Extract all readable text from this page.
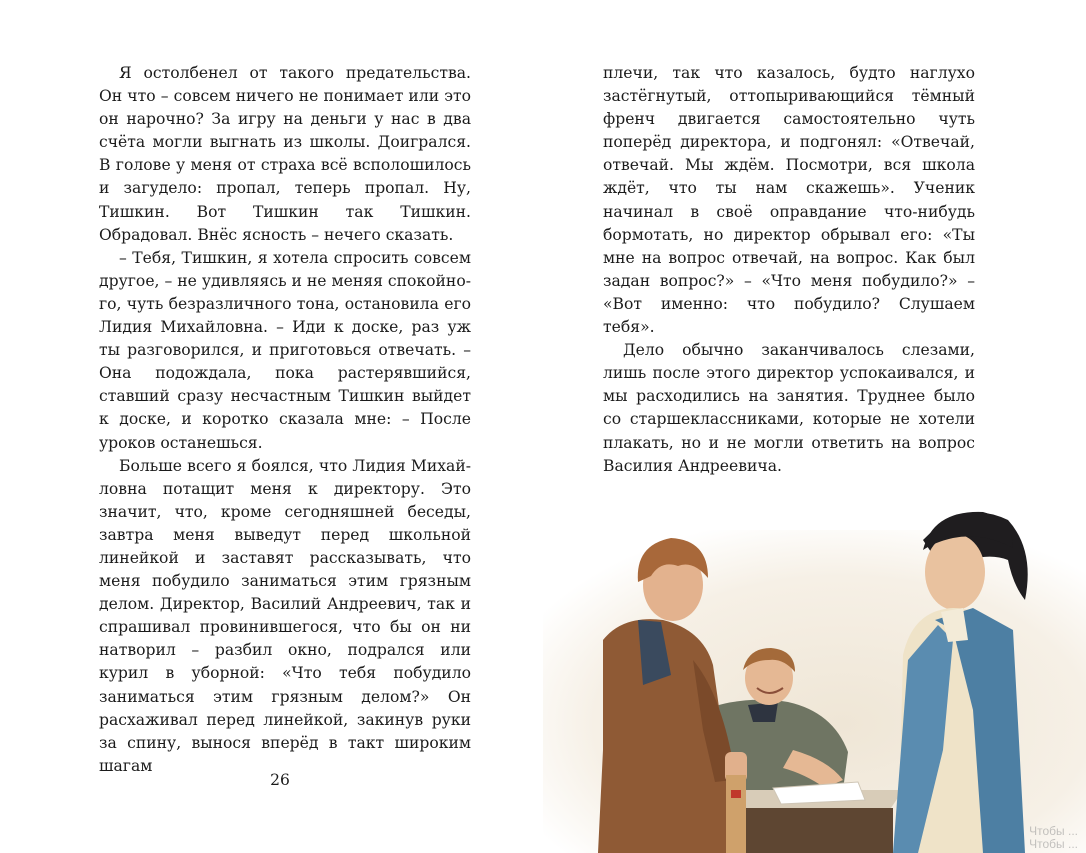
Я остолбенел от такого предательства. Он что – совсем ничего не понимает или это он нарочно? За игру на деньги у нас в два счёта могли выгнать из школы. Доигрался. В голове у меня от страха всё всполошилось и загудело: пропал, теперь пропал. Ну, Тишкин. Вот Тишкин так Тишкин. Обрадовал. Внёс ясность – нечего сказать.

– Тебя, Тишкин, я хотела спросить совсем другое, – не удивляясь и не меняя спокойного, чуть безразличного тона, остановила его Лидия Михайловна. – Иди к доске, раз уж ты разговорился, и приготовься отвечать. – Она подождала, пока растерявшийся, ставший сразу несчастным Тишкин выйдет к доске, и коротко сказала мне: – После уроков останешься.

Больше всего я боялся, что Лидия Михайловна потащит меня к директору. Это значит, что, кроме сегодняшней беседы, завтра меня выведут перед школьной линейкой и заставят рассказывать, что меня побудило заниматься этим грязным делом. Директор, Василий Андреевич, так и спрашивал провинившегося, что бы он ни натворил – разбил окно, подрался или курил в уборной: «Что тебя побудило заниматься этим грязным делом?» Он расхаживал перед линейкой, закинув руки за спину, вынося вперёд в такт широким шагам

26

плечи, так что казалось, будто наглухо застёгнутый, оттопыривающийся тёмный френч двигается самостоятельно чуть поперёд директора, и подгонял: «Отвечай, отвечай. Мы ждём. Посмотри, вся школа ждёт, что ты нам скажешь». Ученик начинал в своё оправдание что-нибудь бормотать, но директор обрывал его: «Ты мне на вопрос отвечай, на вопрос. Как был задан вопрос?» – «Что меня побудило?» – «Вот именно: что побудило? Слушаем тебя».

Дело обычно заканчивалось слезами, лишь после этого директор успокаивался, и мы расходились на занятия. Труднее было со старшеклассниками, которые не хотели плакать, но и не могли ответить на вопрос Василия Андреевича.

Чтобы ...
Чтобы ...
